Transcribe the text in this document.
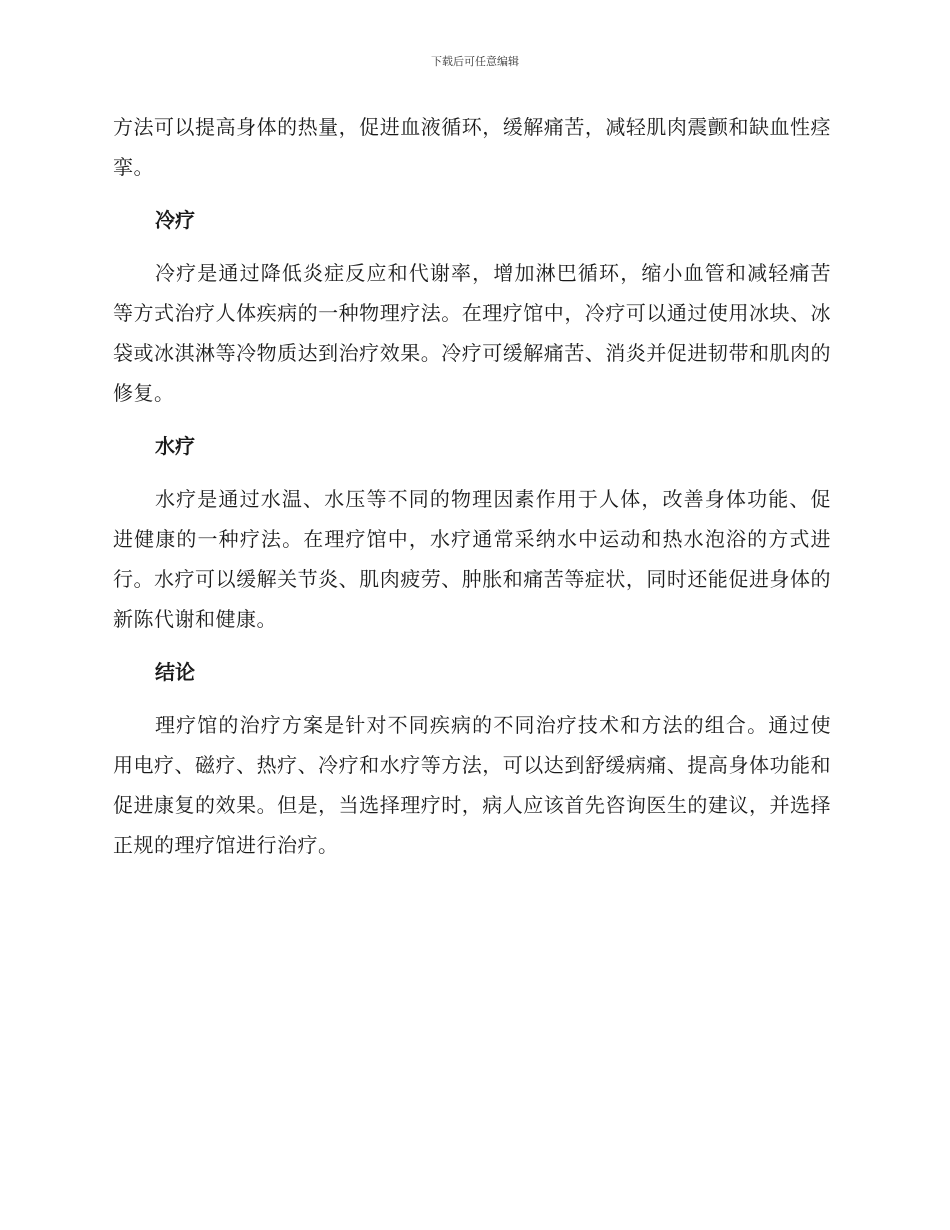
下载后可任意编辑

方法可以提高身体的热量，促进血液循环，缓解痛苦，减轻肌肉震颤和缺血性痉挛。

冷疗

冷疗是通过降低炎症反应和代谢率，增加淋巴循环，缩小血管和减轻痛苦等方式治疗人体疾病的一种物理疗法。在理疗馆中，冷疗可以通过使用冰块、冰袋或冰淇淋等冷物质达到治疗效果。冷疗可缓解痛苦、消炎并促进韧带和肌肉的修复。

水疗

水疗是通过水温、水压等不同的物理因素作用于人体，改善身体功能、促进健康的一种疗法。在理疗馆中，水疗通常采纳水中运动和热水泡浴的方式进行。水疗可以缓解关节炎、肌肉疲劳、肿胀和痛苦等症状，同时还能促进身体的新陈代谢和健康。

结论

理疗馆的治疗方案是针对不同疾病的不同治疗技术和方法的组合。通过使用电疗、磁疗、热疗、冷疗和水疗等方法，可以达到舒缓病痛、提高身体功能和促进康复的效果。但是，当选择理疗时，病人应该首先咨询医生的建议，并选择正规的理疗馆进行治疗。
